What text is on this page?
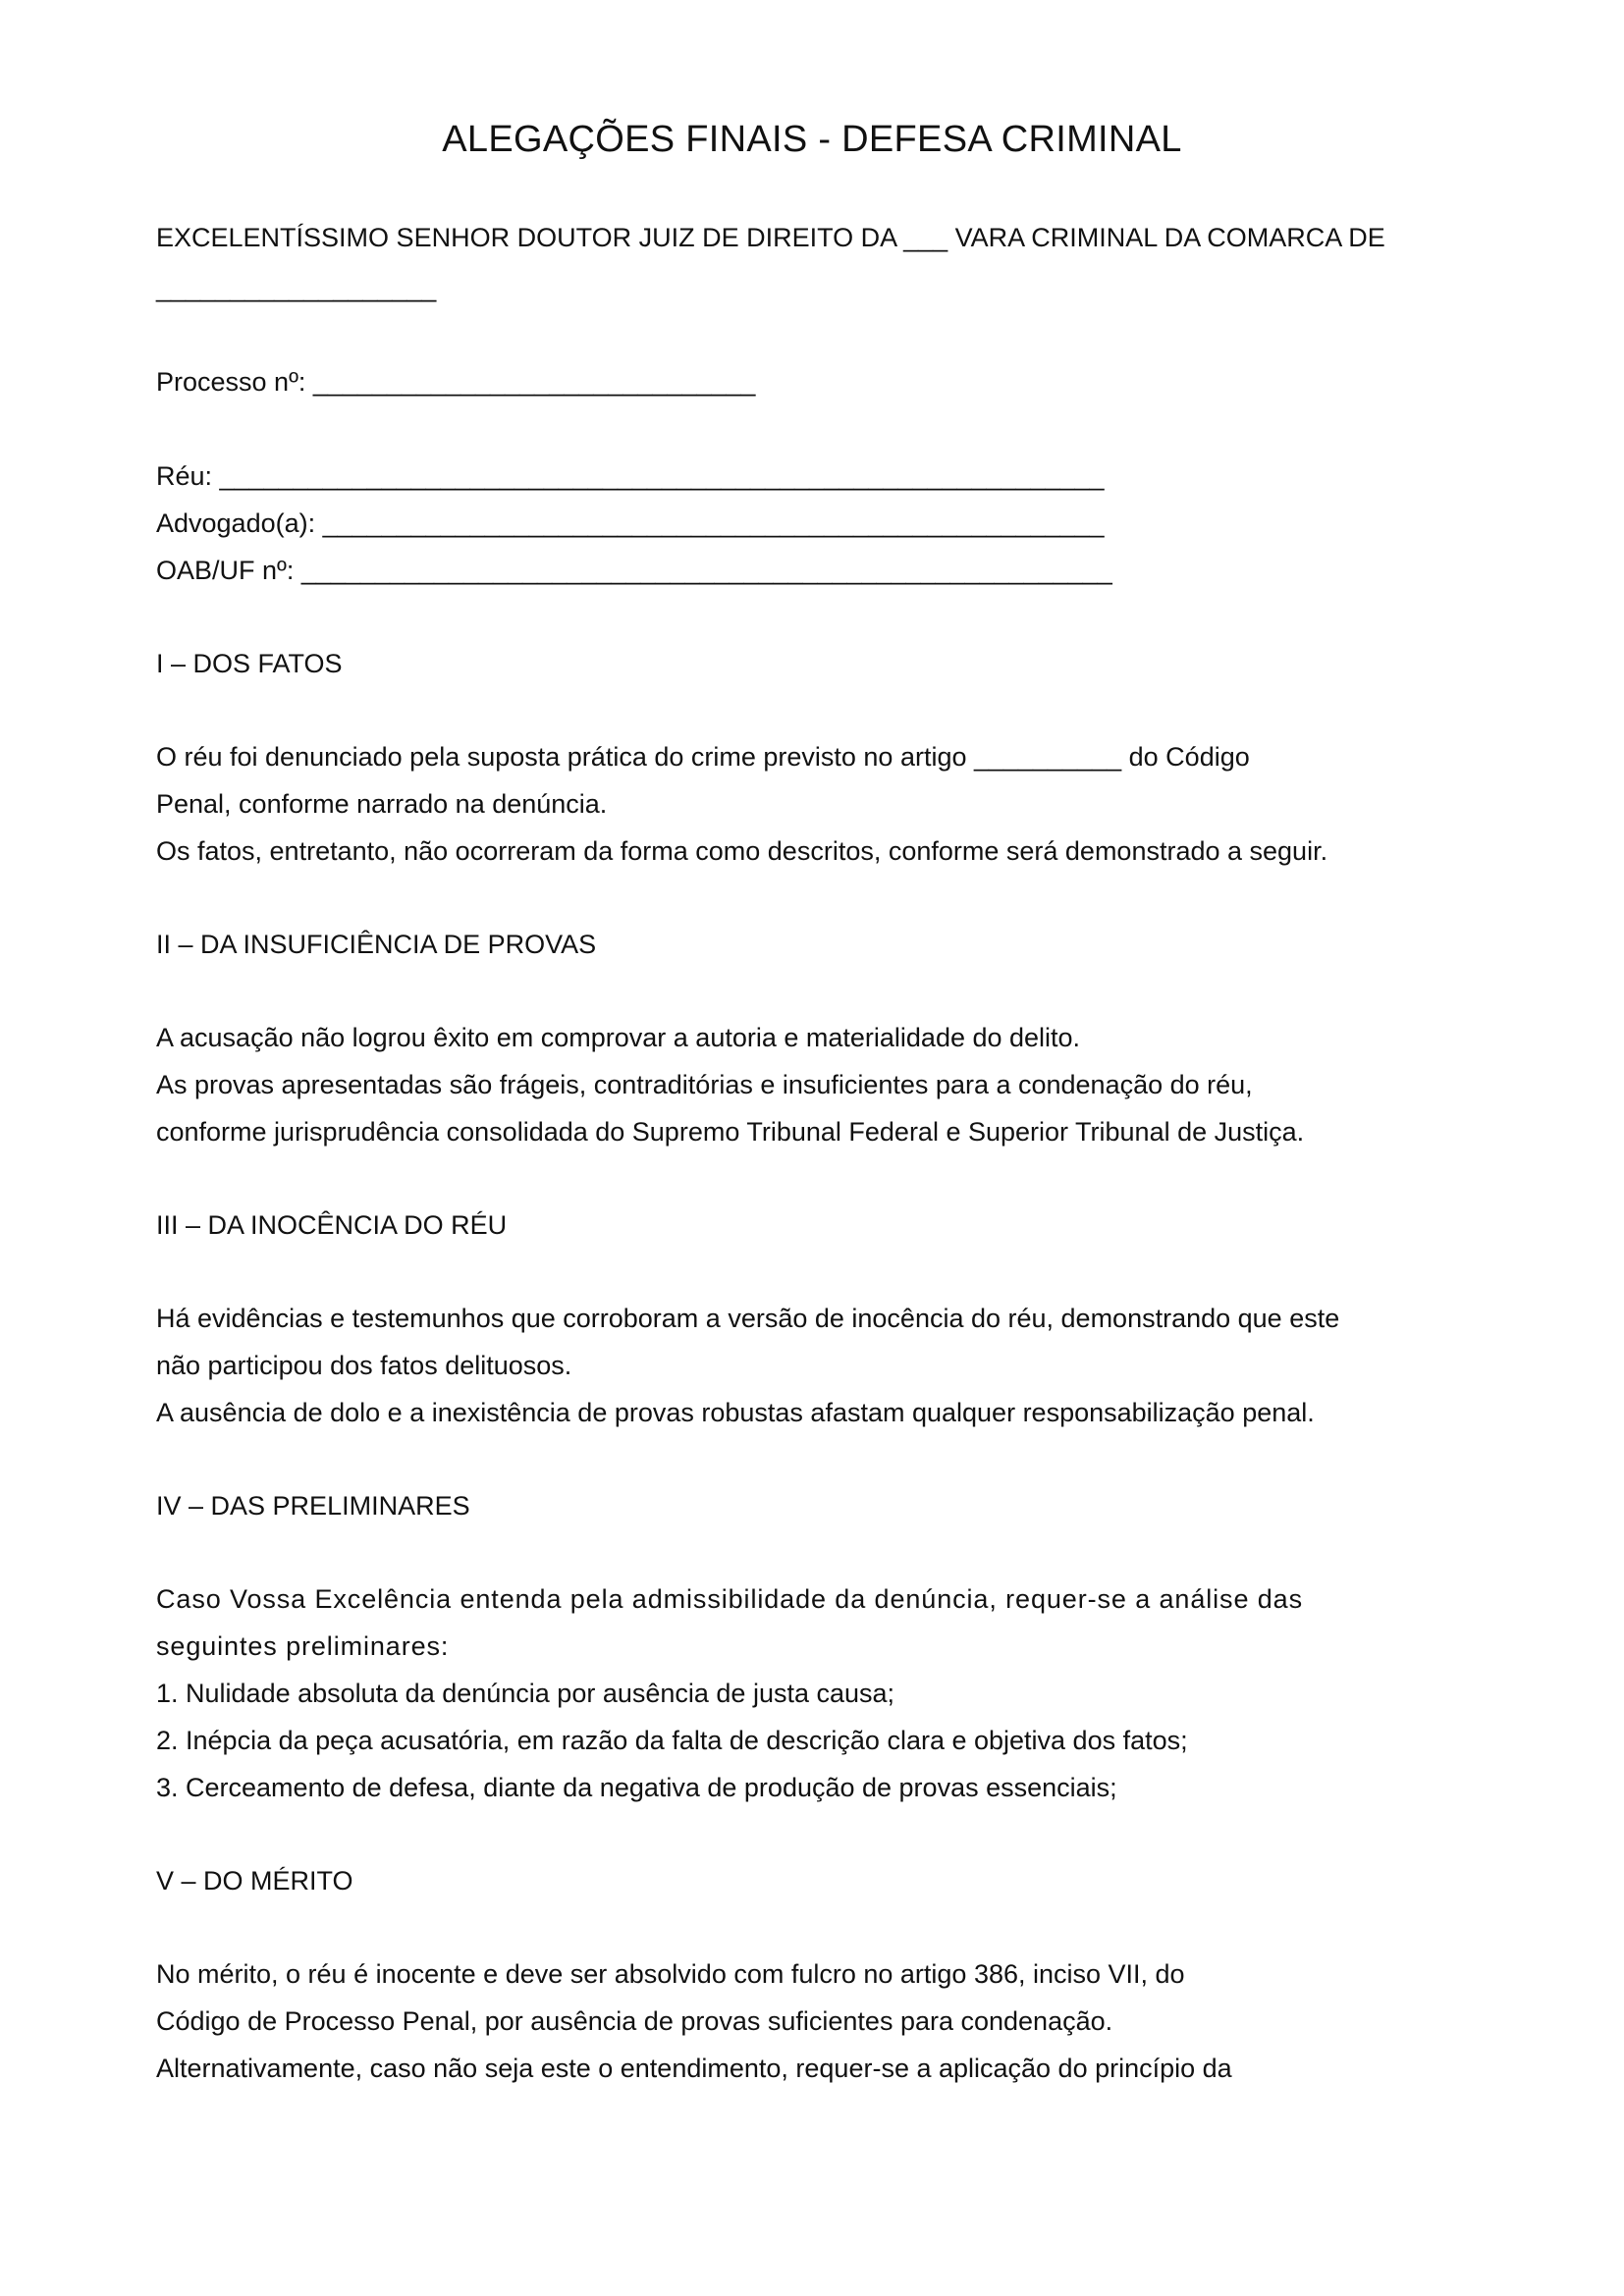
ALEGAÇÕES FINAIS - DEFESA CRIMINAL
EXCELENTÍSSIMO SENHOR DOUTOR JUIZ DE DIREITO DA ___ VARA CRIMINAL DA COMARCA DE
___________________
Processo nº: ______________________________
Réu: ____________________________________________________________
Advogado(a): _____________________________________________________
OAB/UF nº: _______________________________________________________
I – DOS FATOS
O réu foi denunciado pela suposta prática do crime previsto no artigo __________ do Código
Penal, conforme narrado na denúncia.
Os fatos, entretanto, não ocorreram da forma como descritos, conforme será demonstrado a seguir.
II – DA INSUFICIÊNCIA DE PROVAS
A acusação não logrou êxito em comprovar a autoria e materialidade do delito.
As provas apresentadas são frágeis, contraditórias e insuficientes para a condenação do réu,
conforme jurisprudência consolidada do Supremo Tribunal Federal e Superior Tribunal de Justiça.
III – DA INOCÊNCIA DO RÉU
Há evidências e testemunhos que corroboram a versão de inocência do réu, demonstrando que este
não participou dos fatos delituosos.
A ausência de dolo e a inexistência de provas robustas afastam qualquer responsabilização penal.
IV – DAS PRELIMINARES
Caso Vossa Excelência entenda pela admissibilidade da denúncia, requer-se a análise das
seguintes preliminares:
1. Nulidade absoluta da denúncia por ausência de justa causa;
2. Inépcia da peça acusatória, em razão da falta de descrição clara e objetiva dos fatos;
3. Cerceamento de defesa, diante da negativa de produção de provas essenciais;
V – DO MÉRITO
No mérito, o réu é inocente e deve ser absolvido com fulcro no artigo 386, inciso VII, do
Código de Processo Penal, por ausência de provas suficientes para condenação.
Alternativamente, caso não seja este o entendimento, requer-se a aplicação do princípio da
